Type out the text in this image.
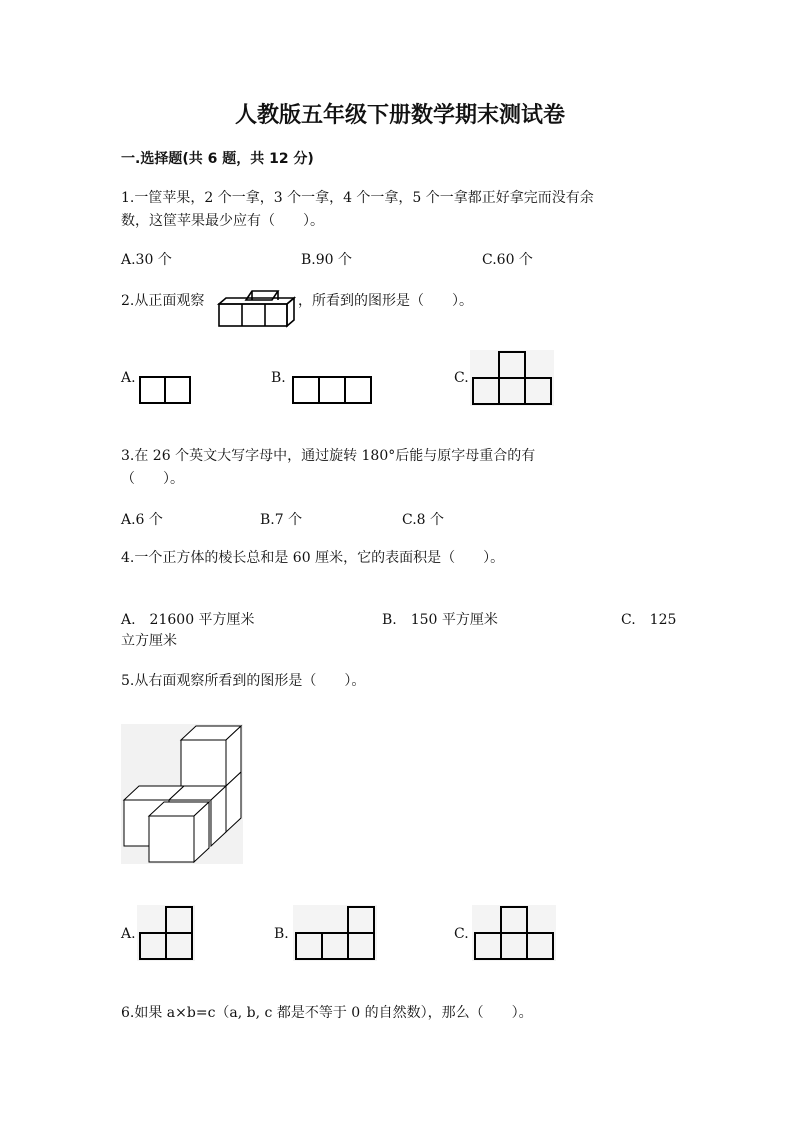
人教版五年级下册数学期末测试卷
一.选择题(共 6 题，共 12 分)
1.一筐苹果，2 个一拿，3 个一拿，4 个一拿，5 个一拿都正好拿完而没有余
数，这筐苹果最少应有（　　）。
A.30 个	B.90 个	C.60 个
2.从正面观察	，所看到的图形是（　　）。
A.	B.	C.
3.在 26 个英文大写字母中，通过旋转 180°后能与原字母重合的有
（　　）。
A.6 个	B.7 个	C.8 个
4.一个正方体的棱长总和是 60 厘米，它的表面积是（　　）。
A.　21600 平方厘米	B.　150 平方厘米	C.　125
立方厘米
5.从右面观察所看到的图形是（　　）。
A.	B.	C.
6.如果 a×b=c（a, b, c 都是不等于 0 的自然数），那么（　　）。
